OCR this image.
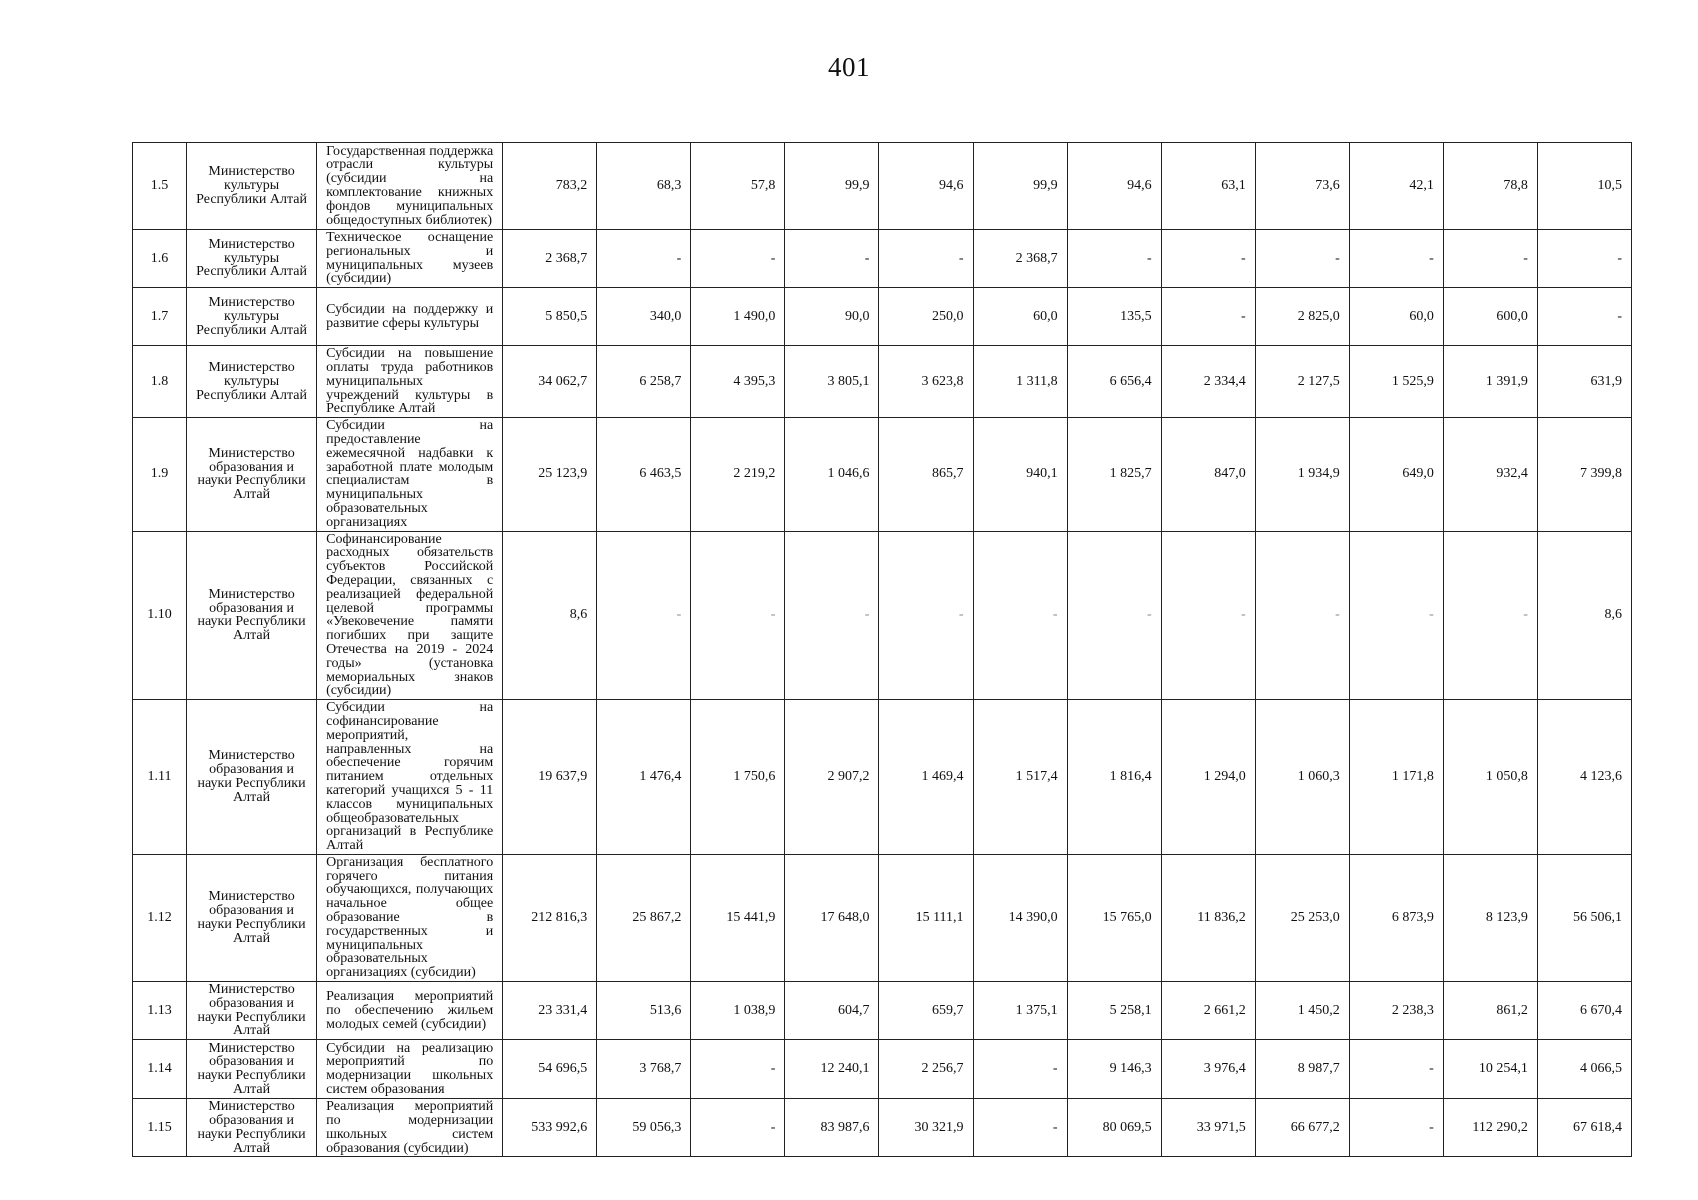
401
1.5	Министерство культуры Республики Алтай	Государственная поддержка отрасли культуры (субсидии на комплектование книжных фондов муниципальных общедоступных библиотек)	783,2	68,3	57,8	99,9	94,6	99,9	94,6	63,1	73,6	42,1	78,8	10,5
1.6	Министерство культуры Республики Алтай	Техническое оснащение региональных и муниципальных музеев (субсидии)	2 368,7	-	-	-	-	2 368,7	-	-	-	-	-	-
1.7	Министерство культуры Республики Алтай	Субсидии на поддержку и развитие сферы культуры	5 850,5	340,0	1 490,0	90,0	250,0	60,0	135,5	-	2 825,0	60,0	600,0	-
1.8	Министерство культуры Республики Алтай	Субсидии на повышение оплаты труда работников муниципальных учреждений культуры в Республике Алтай	34 062,7	6 258,7	4 395,3	3 805,1	3 623,8	1 311,8	6 656,4	2 334,4	2 127,5	1 525,9	1 391,9	631,9
1.9	Министерство образования и науки Республики Алтай	Субсидии на предоставление ежемесячной надбавки к заработной плате молодым специалистам в муниципальных образовательных организациях	25 123,9	6 463,5	2 219,2	1 046,6	865,7	940,1	1 825,7	847,0	1 934,9	649,0	932,4	7 399,8
1.10	Министерство образования и науки Республики Алтай	Софинансирование расходных обязательств субъектов Российской Федерации, связанных с реализацией федеральной целевой программы «Увековечение памяти погибших при защите Отечества на 2019 - 2024 годы» (установка мемориальных знаков (субсидии)	8,6	-	-	-	-	-	-	-	-	-	-	8,6
1.11	Министерство образования и науки Республики Алтай	Субсидии на софинансирование мероприятий, направленных на обеспечение горячим питанием отдельных категорий учащихся 5 - 11 классов муниципальных общеобразовательных организаций в Республике Алтай	19 637,9	1 476,4	1 750,6	2 907,2	1 469,4	1 517,4	1 816,4	1 294,0	1 060,3	1 171,8	1 050,8	4 123,6
1.12	Министерство образования и науки Республики Алтай	Организация бесплатного горячего питания обучающихся, получающих начальное общее образование в государственных и муниципальных образовательных организациях (субсидии)	212 816,3	25 867,2	15 441,9	17 648,0	15 111,1	14 390,0	15 765,0	11 836,2	25 253,0	6 873,9	8 123,9	56 506,1
1.13	Министерство образования и науки Республики Алтай	Реализация мероприятий по обеспечению жильем молодых семей (субсидии)	23 331,4	513,6	1 038,9	604,7	659,7	1 375,1	5 258,1	2 661,2	1 450,2	2 238,3	861,2	6 670,4
1.14	Министерство образования и науки Республики Алтай	Субсидии на реализацию мероприятий по модернизации школьных систем образования	54 696,5	3 768,7	-	12 240,1	2 256,7	-	9 146,3	3 976,4	8 987,7	-	10 254,1	4 066,5
1.15	Министерство образования и науки Республики Алтай	Реализация мероприятий по модернизации школьных систем образования (субсидии)	533 992,6	59 056,3	-	83 987,6	30 321,9	-	80 069,5	33 971,5	66 677,2	-	112 290,2	67 618,4
